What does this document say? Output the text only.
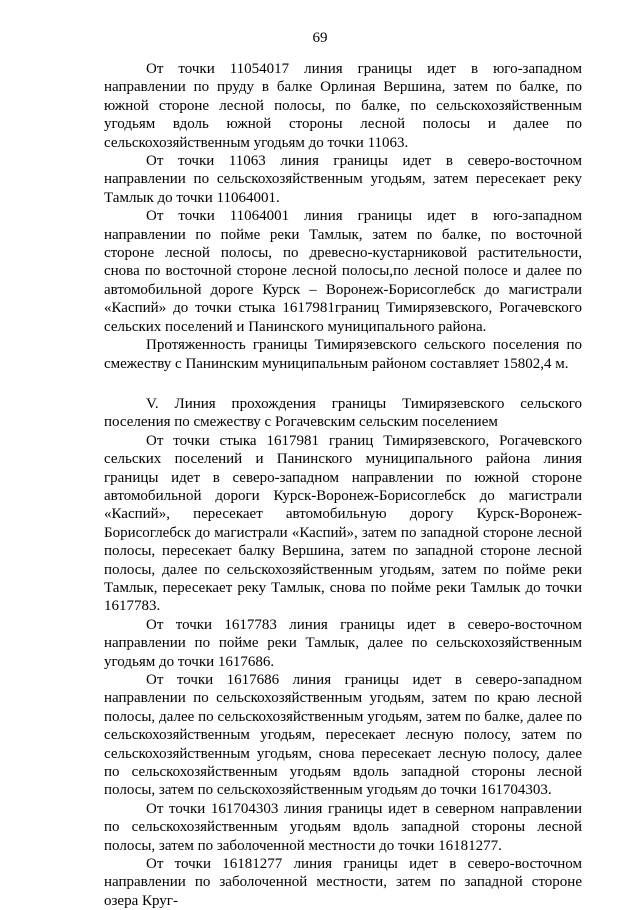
69

От точки 11054017 линия границы идет в юго-западном направлении по пруду в балке Орлиная Вершина, затем по балке, по южной стороне лесной полосы, по балке, по сельскохозяйственным угодьям вдоль южной стороны лесной полосы и далее по сельскохозяйственным угодьям до точки 11063.

От точки 11063 линия границы идет в северо-восточном направлении по сельскохозяйственным угодьям, затем пересекает реку Тамлык до точки 11064001.

От точки 11064001 линия границы идет в юго-западном направлении по пойме реки Тамлык, затем по балке, по восточной стороне лесной полосы, по древесно-кустарниковой растительности, снова по восточной стороне лесной полосы,по лесной полосе и далее по автомобильной дороге Курск – Воронеж-Борисоглебск до магистрали «Каспий» до точки стыка 1617981границ Тимирязевского, Рогачевского сельских поселений и Панинского муниципального района.

Протяженность границы Тимирязевского сельского поселения по смежеству с Панинским муниципальным районом составляет 15802,4 м.

V. Линия прохождения границы Тимирязевского сельского поселения по смежеству с Рогачевским сельским поселением

От точки стыка 1617981 границ Тимирязевского, Рогачевского сельских поселений и Панинского муниципального района линия границы идет в северо-западном направлении по южной стороне автомобильной дороги Курск-Воронеж-Борисоглебск до магистрали «Каспий», пересекает автомобильную дорогу Курск-Воронеж-Борисоглебск до магистрали «Каспий», затем по западной стороне лесной полосы, пересекает балку Вершина, затем по западной стороне лесной полосы, далее по сельскохозяйственным угодьям, затем по пойме реки Тамлык, пересекает реку Тамлык, снова по пойме реки Тамлык до точки 1617783.

От точки 1617783 линия границы идет в северо-восточном направлении по пойме реки Тамлык, далее по сельскохозяйственным угодьям до точки 1617686.

От точки 1617686 линия границы идет в северо-западном направлении по сельскохозяйственным угодьям, затем по краю лесной полосы, далее по сельскохозяйственным угодьям, затем по балке, далее по сельскохозяйственным угодьям, пересекает лесную полосу, затем по сельскохозяйственным угодьям, снова пересекает лесную полосу, далее по сельскохозяйственным угодьям вдоль западной стороны лесной полосы, затем по сельскохозяйственным угодьям до точки 161704303.

От точки 161704303 линия границы идет в северном направлении по сельскохозяйственным угодьям вдоль западной стороны лесной полосы, затем по заболоченной местности до точки 16181277.

От точки 16181277 линия границы идет в северо-восточном направлении по заболоченной местности, затем по западной стороне озера Круг-
